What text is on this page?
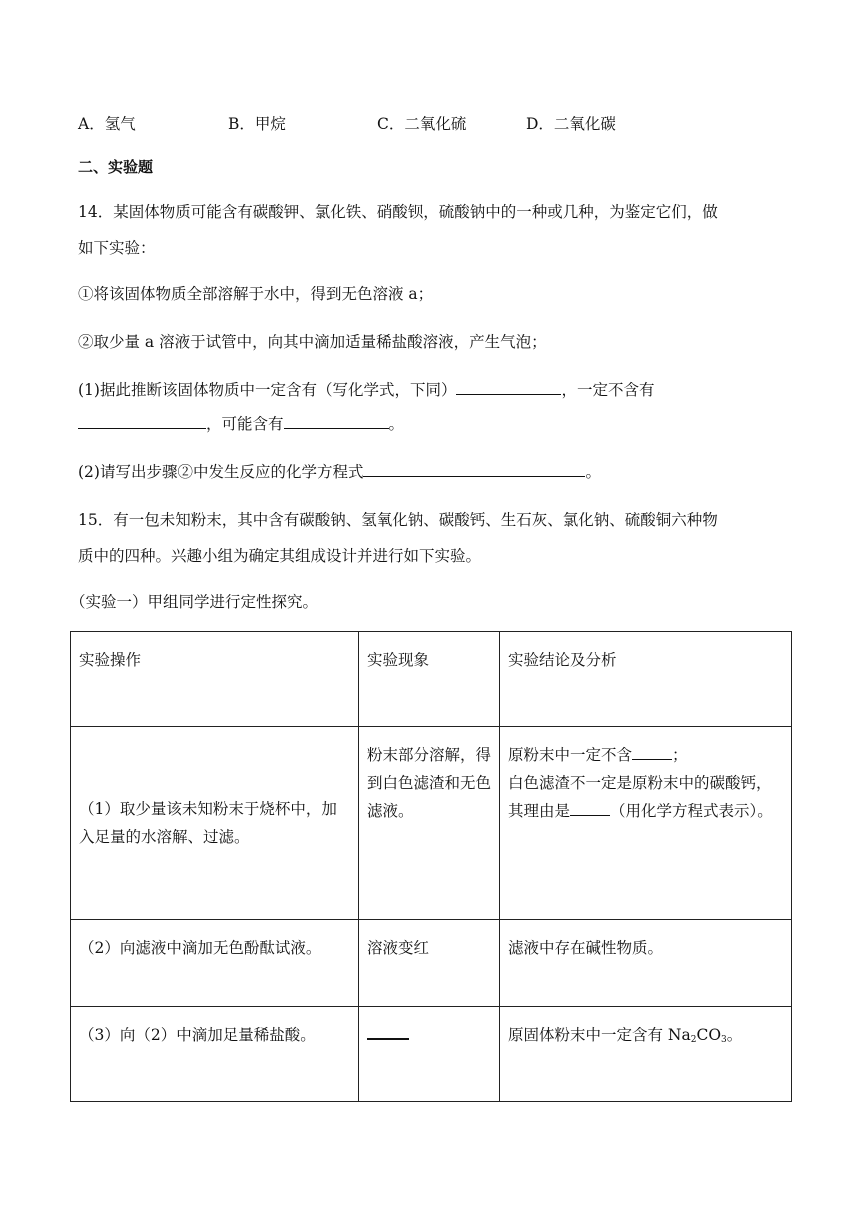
A．氢气	B．甲烷	C．二氧化硫	D．二氧化碳
二、实验题
14．某固体物质可能含有碳酸钾、氯化铁、硝酸钡，硫酸钠中的一种或几种，为鉴定它们，做
如下实验：
①将该固体物质全部溶解于水中，得到无色溶液 a；
②取少量 a 溶液于试管中，向其中滴加适量稀盐酸溶液，产生气泡；
(1)据此推断该固体物质中一定含有（写化学式，下同）	，一定不含有
，可能含有	。
(2)请写出步骤②中发生反应的化学方程式	。
15．有一包未知粉末，其中含有碳酸钠、氢氧化钠、碳酸钙、生石灰、氯化钠、硫酸铜六种物
质中的四种。兴趣小组为确定其组成设计并进行如下实验。
（实验一）甲组同学进行定性探究。
实验操作	实验现象	实验结论及分析
（1）取少量该未知粉末于烧杯中，加入足量的水溶解、过滤。	粉末部分溶解，得到白色滤渣和无色滤液。	原粉末中一定不含 ；
白色滤渣不一定是原粉末中的碳酸钙，其理由是 （用化学方程式表示）。
（2）向滤液中滴加无色酚酞试液。	溶液变红	滤液中存在碱性物质。
（3）向（2）中滴加足量稀盐酸。		原固体粉末中一定含有 $Na_2CO_3$。
